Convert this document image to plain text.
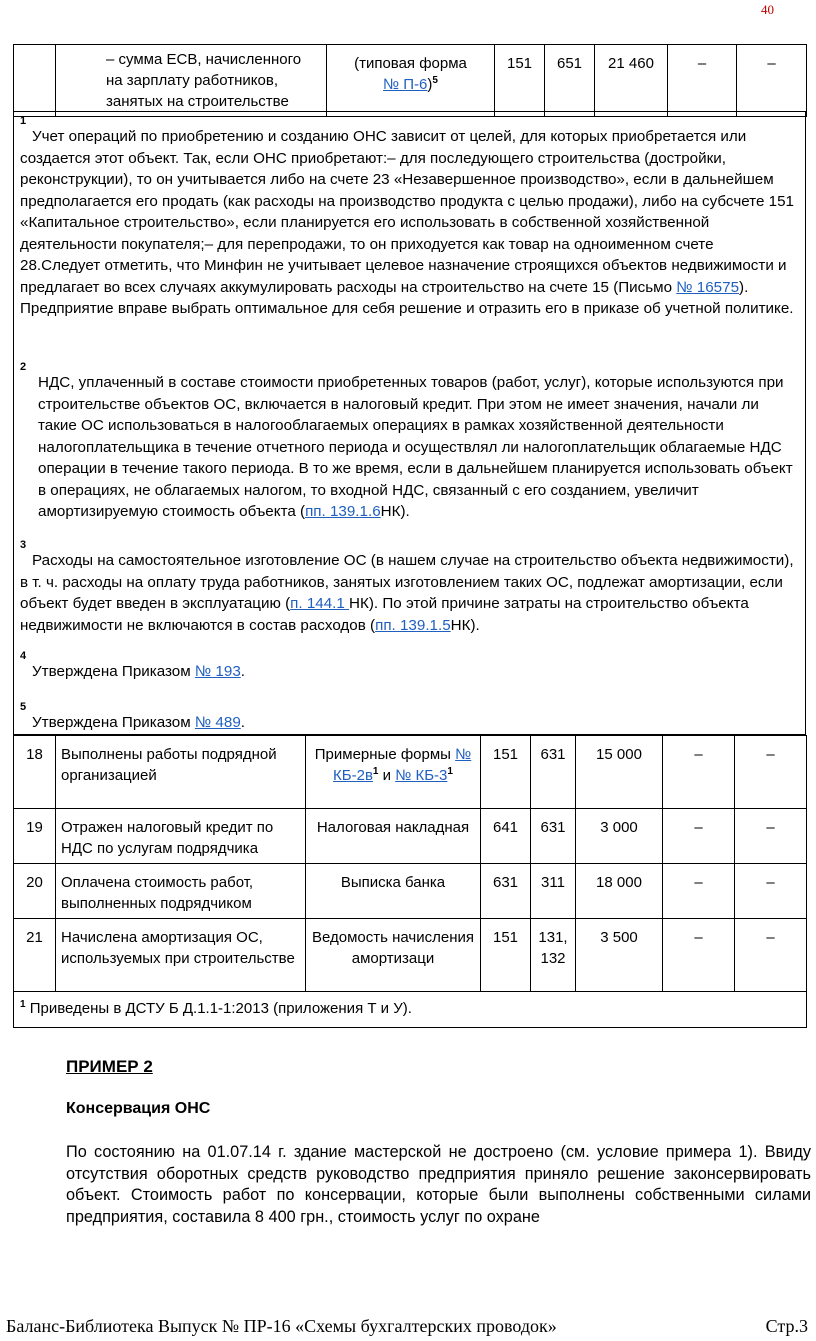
40
	– сумма ЕСВ, начисленного на зарплату работников, занятых на строительстве	(типовая форма
№ П-6)$^5$	151	651	21 460	–	–

1
Учет операций по приобретению и созданию ОНС зависит от целей, для которых приобретается или создается этот объект. Так, если ОНС приобретают:– для последующего строительства (достройки, реконструкции), то он учитывается либо на счете 23 «Незавершенное производство», если в дальнейшем предполагается его продать (как расходы на производство продукта с целью продажи), либо на субсчете 151 «Капитальное строительство», если планируется его использовать в собственной хозяйственной деятельности покупателя;– для перепродажи, то он приходуется как товар на одноименном счете 28.Следует отметить, что Минфин не учитывает целевое назначение строящихся объектов недвижимости и предлагает во всех случаях аккумулировать расходы на строительство на счете 15 (Письмо № 16575). Предприятие вправе выбрать оптимальное для себя решение и отразить его в приказе об учетной политике.

2
НДС, уплаченный в составе стоимости приобретенных товаров (работ, услуг), которые используются при строительстве объектов ОС, включается в налоговый кредит. При этом не имеет значения, начали ли такие ОС использоваться в налогооблагаемых операциях в рамках хозяйственной деятельности налогоплательщика в течение отчетного периода и осуществлял ли налогоплательщик облагаемые НДС операции в течение такого периода. В то же время, если в дальнейшем планируется использовать объект в операциях, не облагаемых налогом, то входной НДС, связанный с его созданием, увеличит амортизируемую стоимость объекта (пп. 139.1.6НК).

3
Расходы на самостоятельное изготовление ОС (в нашем случае на строительство объекта недвижимости), в т. ч. расходы на оплату труда работников, занятых изготовлением таких ОС, подлежат амортизации, если объект будет введен в эксплуатацию (п. 144.1 НК). По этой причине затраты на строительство объекта недвижимости не включаются в состав расходов (пп. 139.1.5НК).

4
Утверждена Приказом № 193.

5
Утверждена Приказом № 489.

18	Выполнены работы подрядной организацией	Примерные формы № $КБ-2в^1$ и № $КБ-3^1$	151	631	15 000	–	–
19	Отражен налоговый кредит по НДС по услугам подрядчика	Налоговая накладная	641	631	3 000	–	–
20	Оплачена стоимость работ, выполненных подрядчиком	Выписка банка	631	311	18 000	–	–
21	Начислена амортизация ОС, используемых при строительстве	Ведомость начисления амортизаци	151	131, 132	3 500	–	–
$^1$ Приведены в ДСТУ Б Д.1.1-1:2013 (приложения Т и У).							
ПРИМЕР 2
Консервация ОНС
По состоянию на 01.07.14 г. здание мастерской не достроено (см. условие примера 1). Ввиду отсутствия оборотных средств руководство предприятия приняло решение законсервировать объект. Стоимость работ по консервации, которые были выполнены собственными силами предприятия, составила 8 400 грн., стоимость услуг по охране
Баланс-Библиотека Выпуск № ПР-16 «Схемы бухгалтерских проводок»	Стр.3
